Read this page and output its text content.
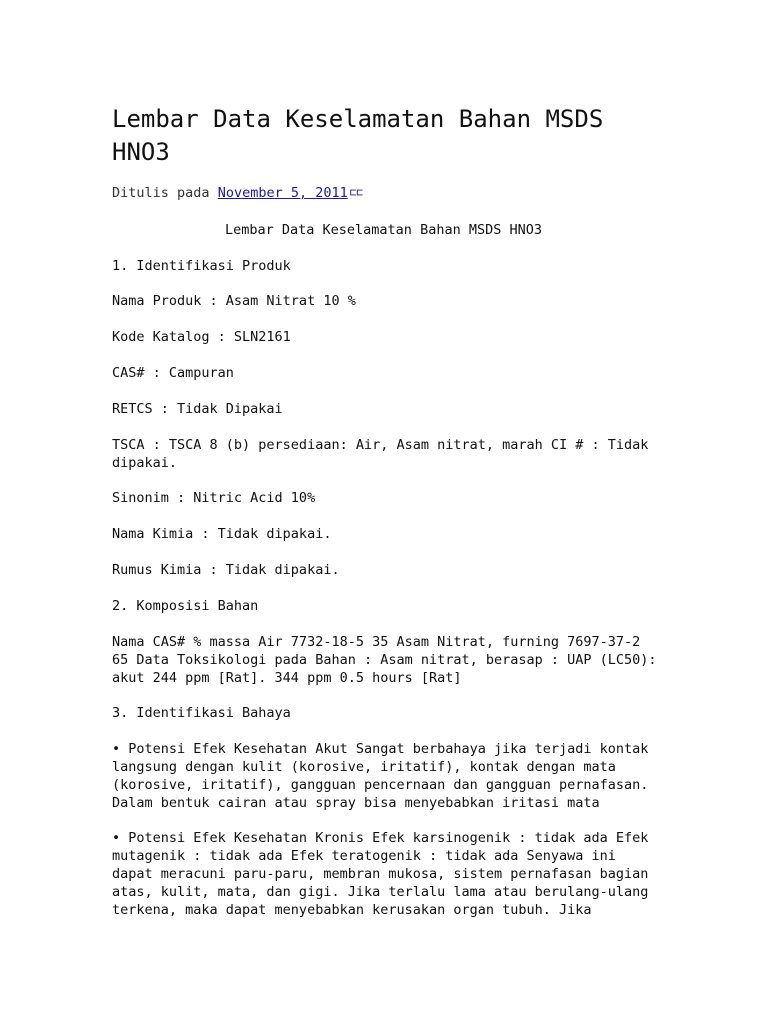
Lembar Data Keselamatan Bahan MSDS HNO3
Ditulis pada November 5, 2011 ⊏⊏
Lembar Data Keselamatan Bahan MSDS HNO3

1. Identifikasi Produk

Nama Produk : Asam Nitrat 10 %

Kode Katalog : SLN2161

CAS# : Campuran

RETCS : Tidak Dipakai

TSCA : TSCA 8 (b) persediaan: Air, Asam nitrat, marah CI # : Tidak dipakai.

Sinonim : Nitric Acid 10%

Nama Kimia : Tidak dipakai.

Rumus Kimia : Tidak dipakai.

2. Komposisi Bahan

Nama CAS# % massa Air 7732-18-5 35 Asam Nitrat, furning 7697-37-2 65 Data Toksikologi pada Bahan : Asam nitrat, berasap : UAP (LC50): akut 244 ppm [Rat]. 344 ppm 0.5 hours [Rat]

3. Identifikasi Bahaya

• Potensi Efek Kesehatan Akut Sangat berbahaya jika terjadi kontak langsung dengan kulit (korosive, iritatif), kontak dengan mata (korosive, iritatif), gangguan pencernaan dan gangguan pernafasan. Dalam bentuk cairan atau spray bisa menyebabkan iritasi mata

• Potensi Efek Kesehatan Kronis Efek karsinogenik : tidak ada Efek mutagenik : tidak ada Efek teratogenik : tidak ada Senyawa ini dapat meracuni paru-paru, membran mukosa, sistem pernafasan bagian atas, kulit, mata, dan gigi. Jika terlalu lama atau berulang-ulang terkena, maka dapat menyebabkan kerusakan organ tubuh. Jika
